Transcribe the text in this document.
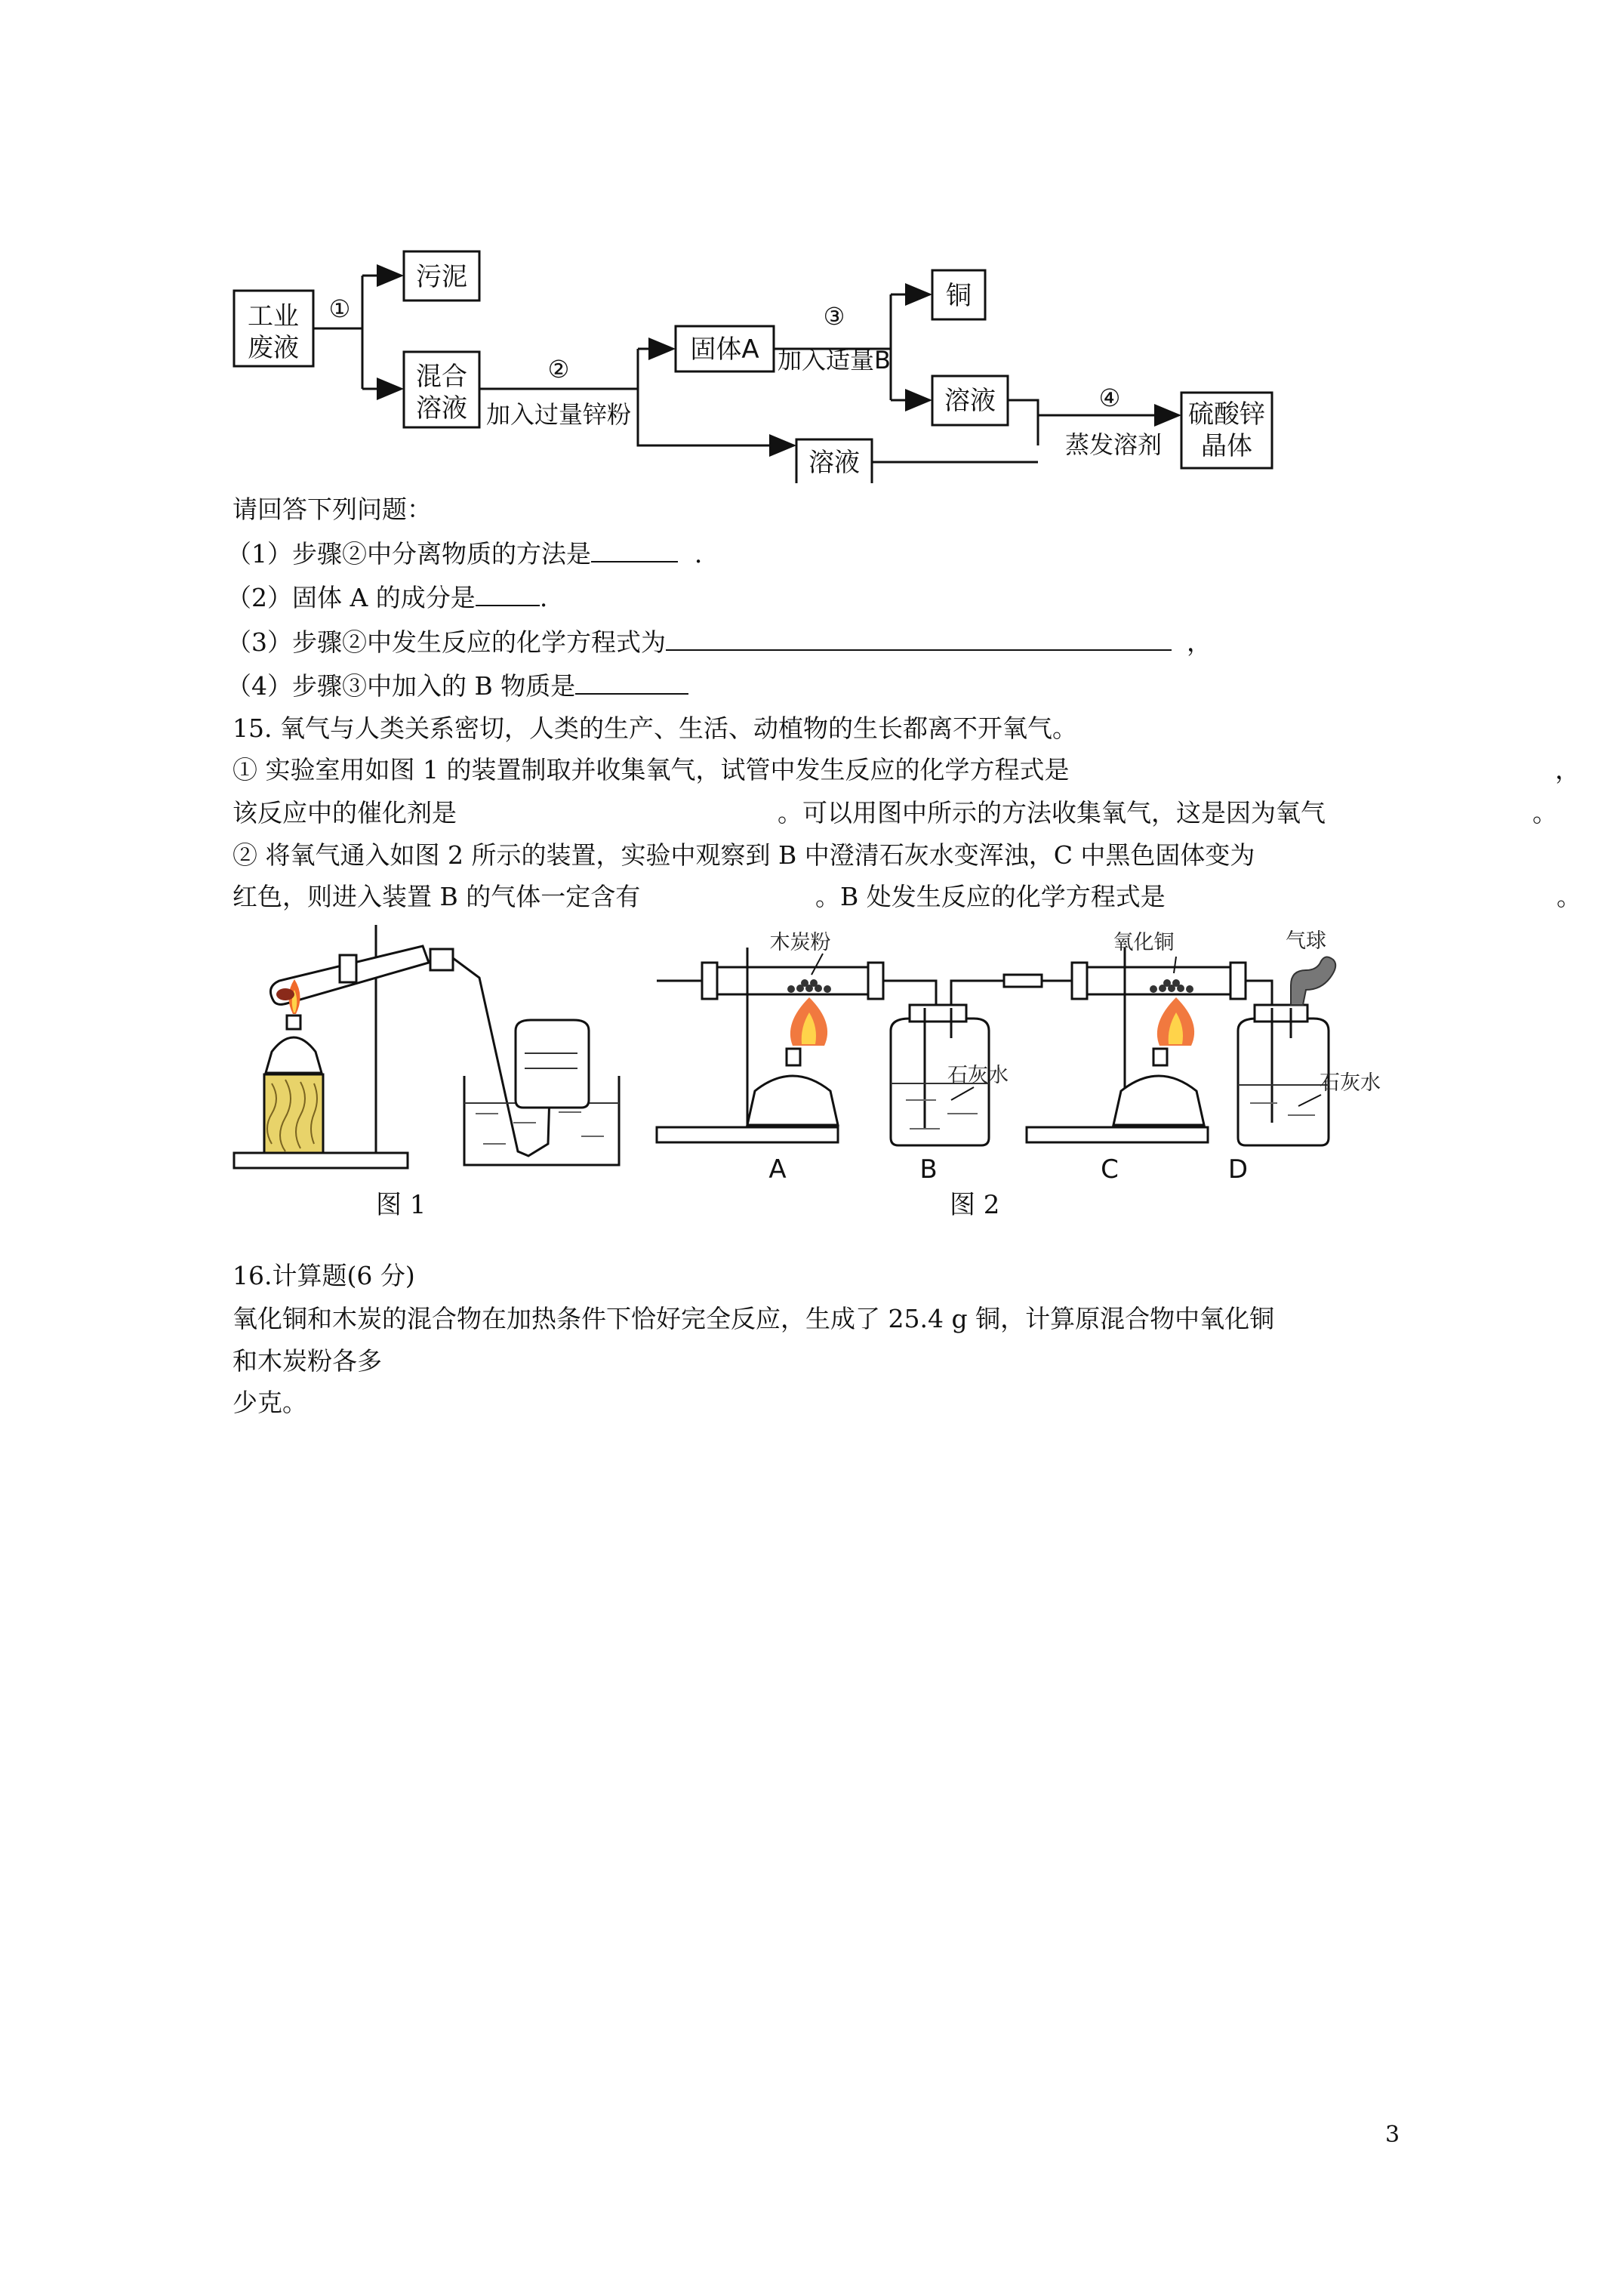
工业
废液
污泥
混合
溶液
固体A
铜
溶液
溶液
硫酸锌
晶体
①
②
加入过量锌粉
③
加入适量B
④
蒸发溶剂
请回答下列问题：
（1）步骤②中分离物质的方法是	．
（2）固体 A 的成分是	.
（3）步骤②中发生反应的化学方程式为	，
（4）步骤③中加入的 B 物质是
15. 氧气与人类关系密切，人类的生产、生活、动植物的生长都离不开氧气。
① 实验室用如图 1 的装置制取并收集氧气，试管中发生反应的化学方程式是	，
该反应中的催化剂是	。可以用图中所示的方法收集氧气，这是因为氧气	。
② 将氧气通入如图 2 所示的装置，实验中观察到 B 中澄清石灰水变浑浊，C 中黑色固体变为
红色，则进入装置 B 的气体一定含有	。B 处发生反应的化学方程式是	。
木炭粉	氧化铜	气球
石灰水	石灰水
A	B	C	D
图 1	图 2
16.计算题(6 分)
氧化铜和木炭的混合物在加热条件下恰好完全反应，生成了 25.4 g 铜，计算原混合物中氧化铜
和木炭粉各多
少克。
3
